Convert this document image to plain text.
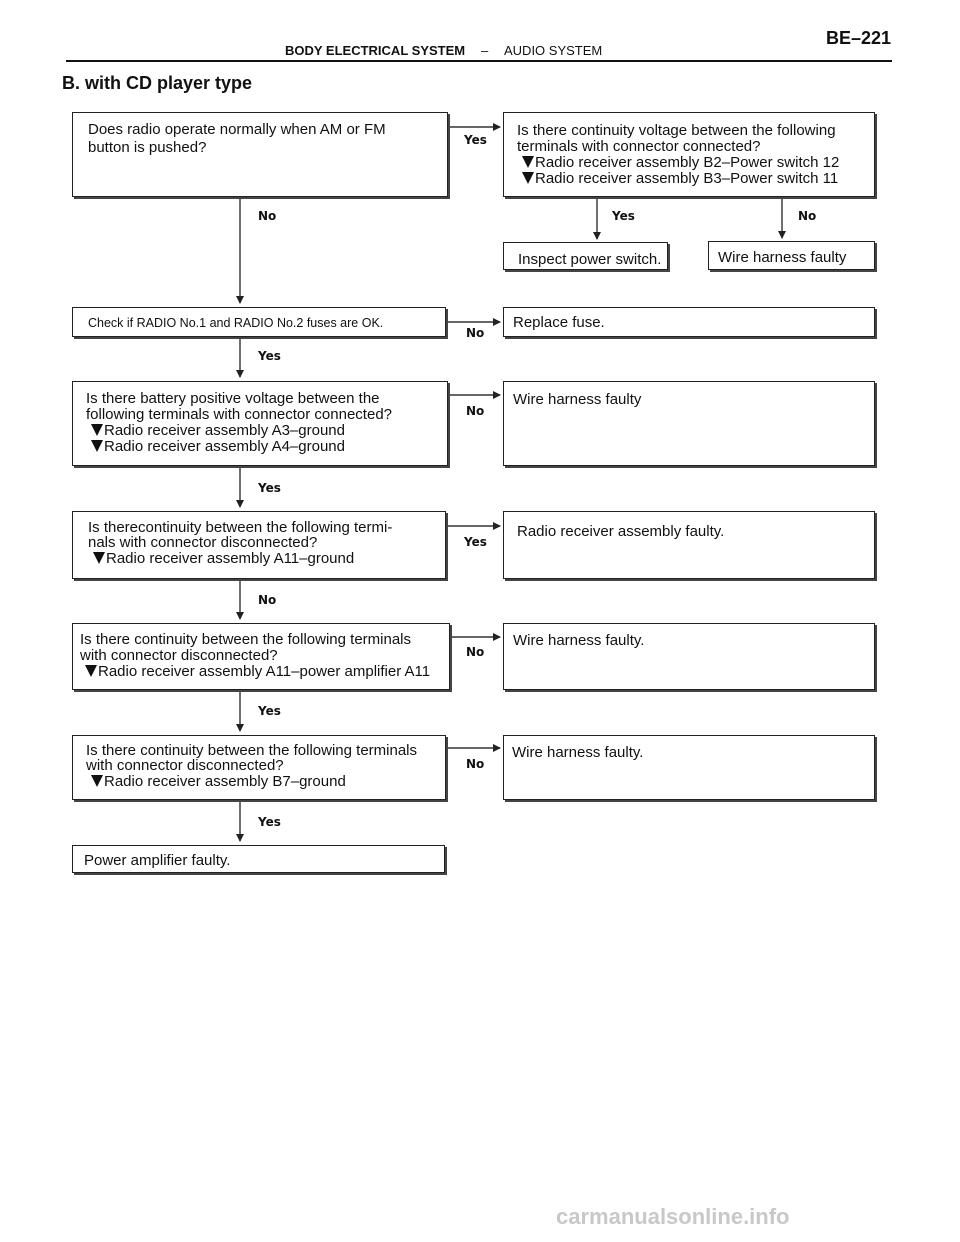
BODY ELECTRICAL SYSTEM – AUDIO SYSTEM
BE–221
B. with CD player type
Yes
No	Yes	No
No
Yes
No
Yes
Yes
No
No
Yes
No
Yes
Does radio operate normally when AM or FM
button is pushed?
Is there continuity voltage between the following
terminals with connector connected?
Radio receiver assembly B2–Power switch 12
Radio receiver assembly B3–Power switch 11
Inspect power switch.	Wire harness faulty
Check if RADIO No.1 and RADIO No.2 fuses are OK.	Replace fuse.
Is there battery positive voltage between the
following terminals with connector connected?
Radio receiver assembly A3–ground
Radio receiver assembly A4–ground
Wire harness faulty
Is therecontinuity between the following termi-
nals with connector disconnected?
Radio receiver assembly A11–ground
Radio receiver assembly faulty.
Is there continuity between the following terminals
with connector disconnected?
Radio receiver assembly A11–power amplifier A11
Wire harness faulty.
Is there continuity between the following terminals
with connector disconnected?
Radio receiver assembly B7–ground
Wire harness faulty.
Power amplifier faulty.
carmanualsonline.info
